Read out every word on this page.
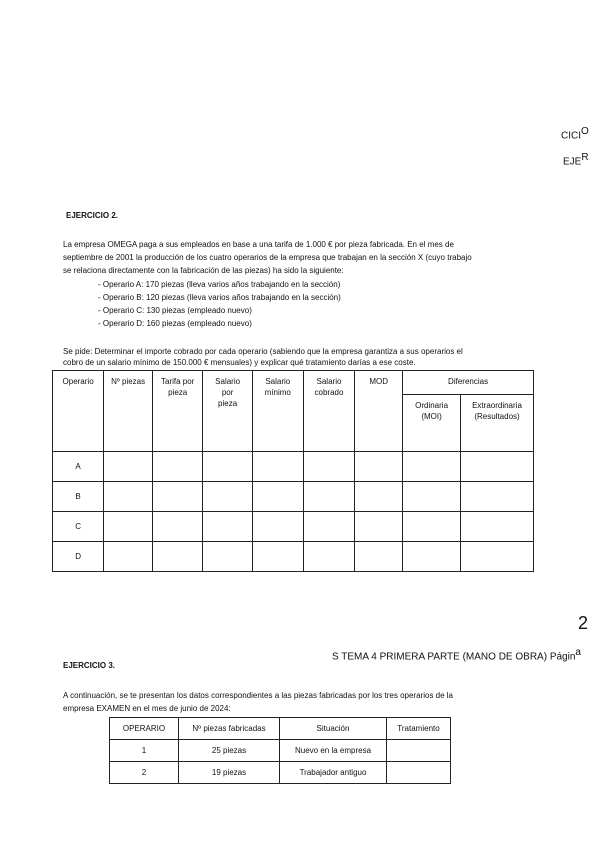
$CICI^O$
$EJE^R$
EJERCICIO 2.
La empresa OMEGA paga a sus empleados en base a una tarifa de 1.000 € por pieza fabricada. En el mes de
septiembre de 2001 la producción de los cuatro operarios de la empresa que trabajan en la sección X (cuyo trabajo
se relaciona directamente con la fabricación de las piezas) ha sido la siguiente:
- Operario A: 170 piezas (lleva varios años trabajando en la sección)
- Operario B: 120 piezas (lleva varios años trabajando en la sección)
- Operario C: 130 piezas (empleado nuevo)
- Operario D: 160 piezas (empleado nuevo)
Se pide: Determinar el importe cobrado por cada operario (sabiendo que la empresa garantiza a sus operarios el
cobro de un salario mínimo de 150.000 € mensuales) y explicar qué tratamiento darías a ese coste.
Operario	Nº piezas	Tarifa por pieza	Salario por pieza	Salario mínimo	Salario cobrado	MOD	Diferencias	
							Ordinaria (MOI)	Extraordinaria (Resultados)
A								
B								
C								
D								
2
S TEMA 4 PRIMERA PARTE (MANO DE OBRA) Págin$^a$
EJERCICIO 3.
A continuación, se te presentan los datos correspondientes a las piezas fabricadas por los tres operarios de la
empresa EXAMEN en el mes de junio de 2024:
OPERARIO	Nº piezas fabricadas	Situación	Tratamiento
1	25 piezas	Nuevo en la empresa	
2	19 piezas	Trabajador antiguo	
